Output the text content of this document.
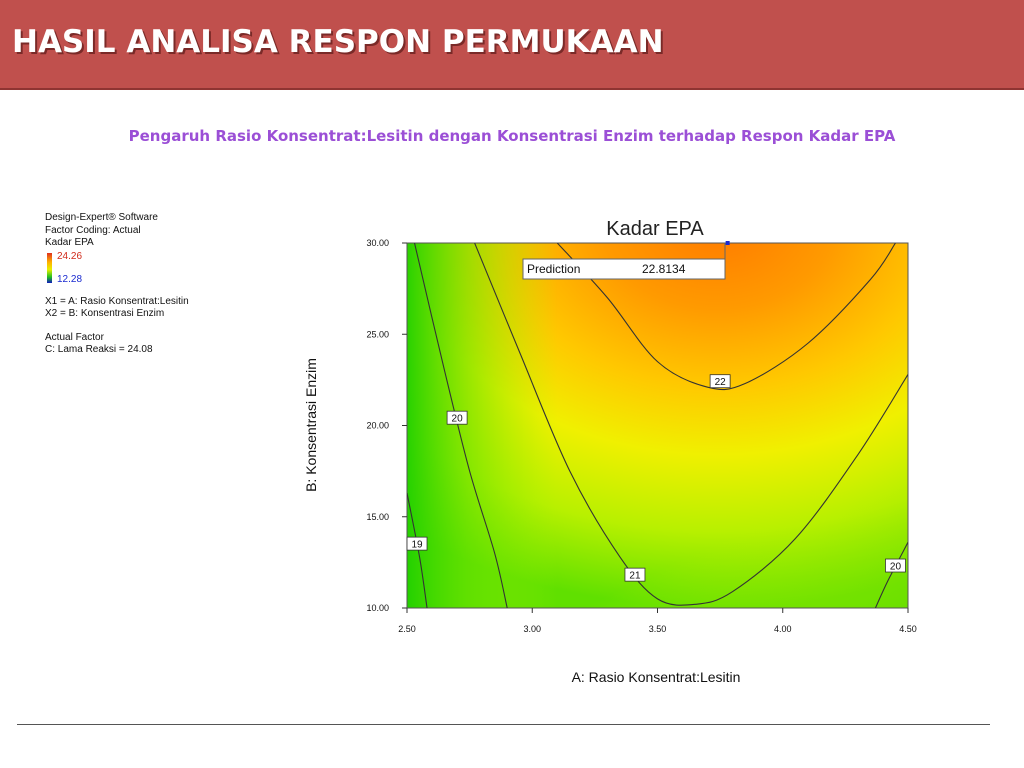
HASIL ANALISA RESPON PERMUKAAN
Pengaruh Rasio Konsentrat:Lesitin dengan Konsentrasi Enzim terhadap Respon Kadar EPA
Design-Expert® Software
Factor Coding: Actual
Kadar EPA
24.26
12.28
X1 = A: Rasio Konsentrat:Lesitin
X2 = B: Konsentrasi Enzim
Actual Factor
C: Lama Reaksi = 24.08
19
20
20
21
22
2.50	3.00	3.50	4.00	4.50
10.00
15.00
20.00
25.00
30.00
Kadar EPA
A: Rasio Konsentrat:Lesitin
B: Konsentrasi Enzim
Prediction	22.8134
